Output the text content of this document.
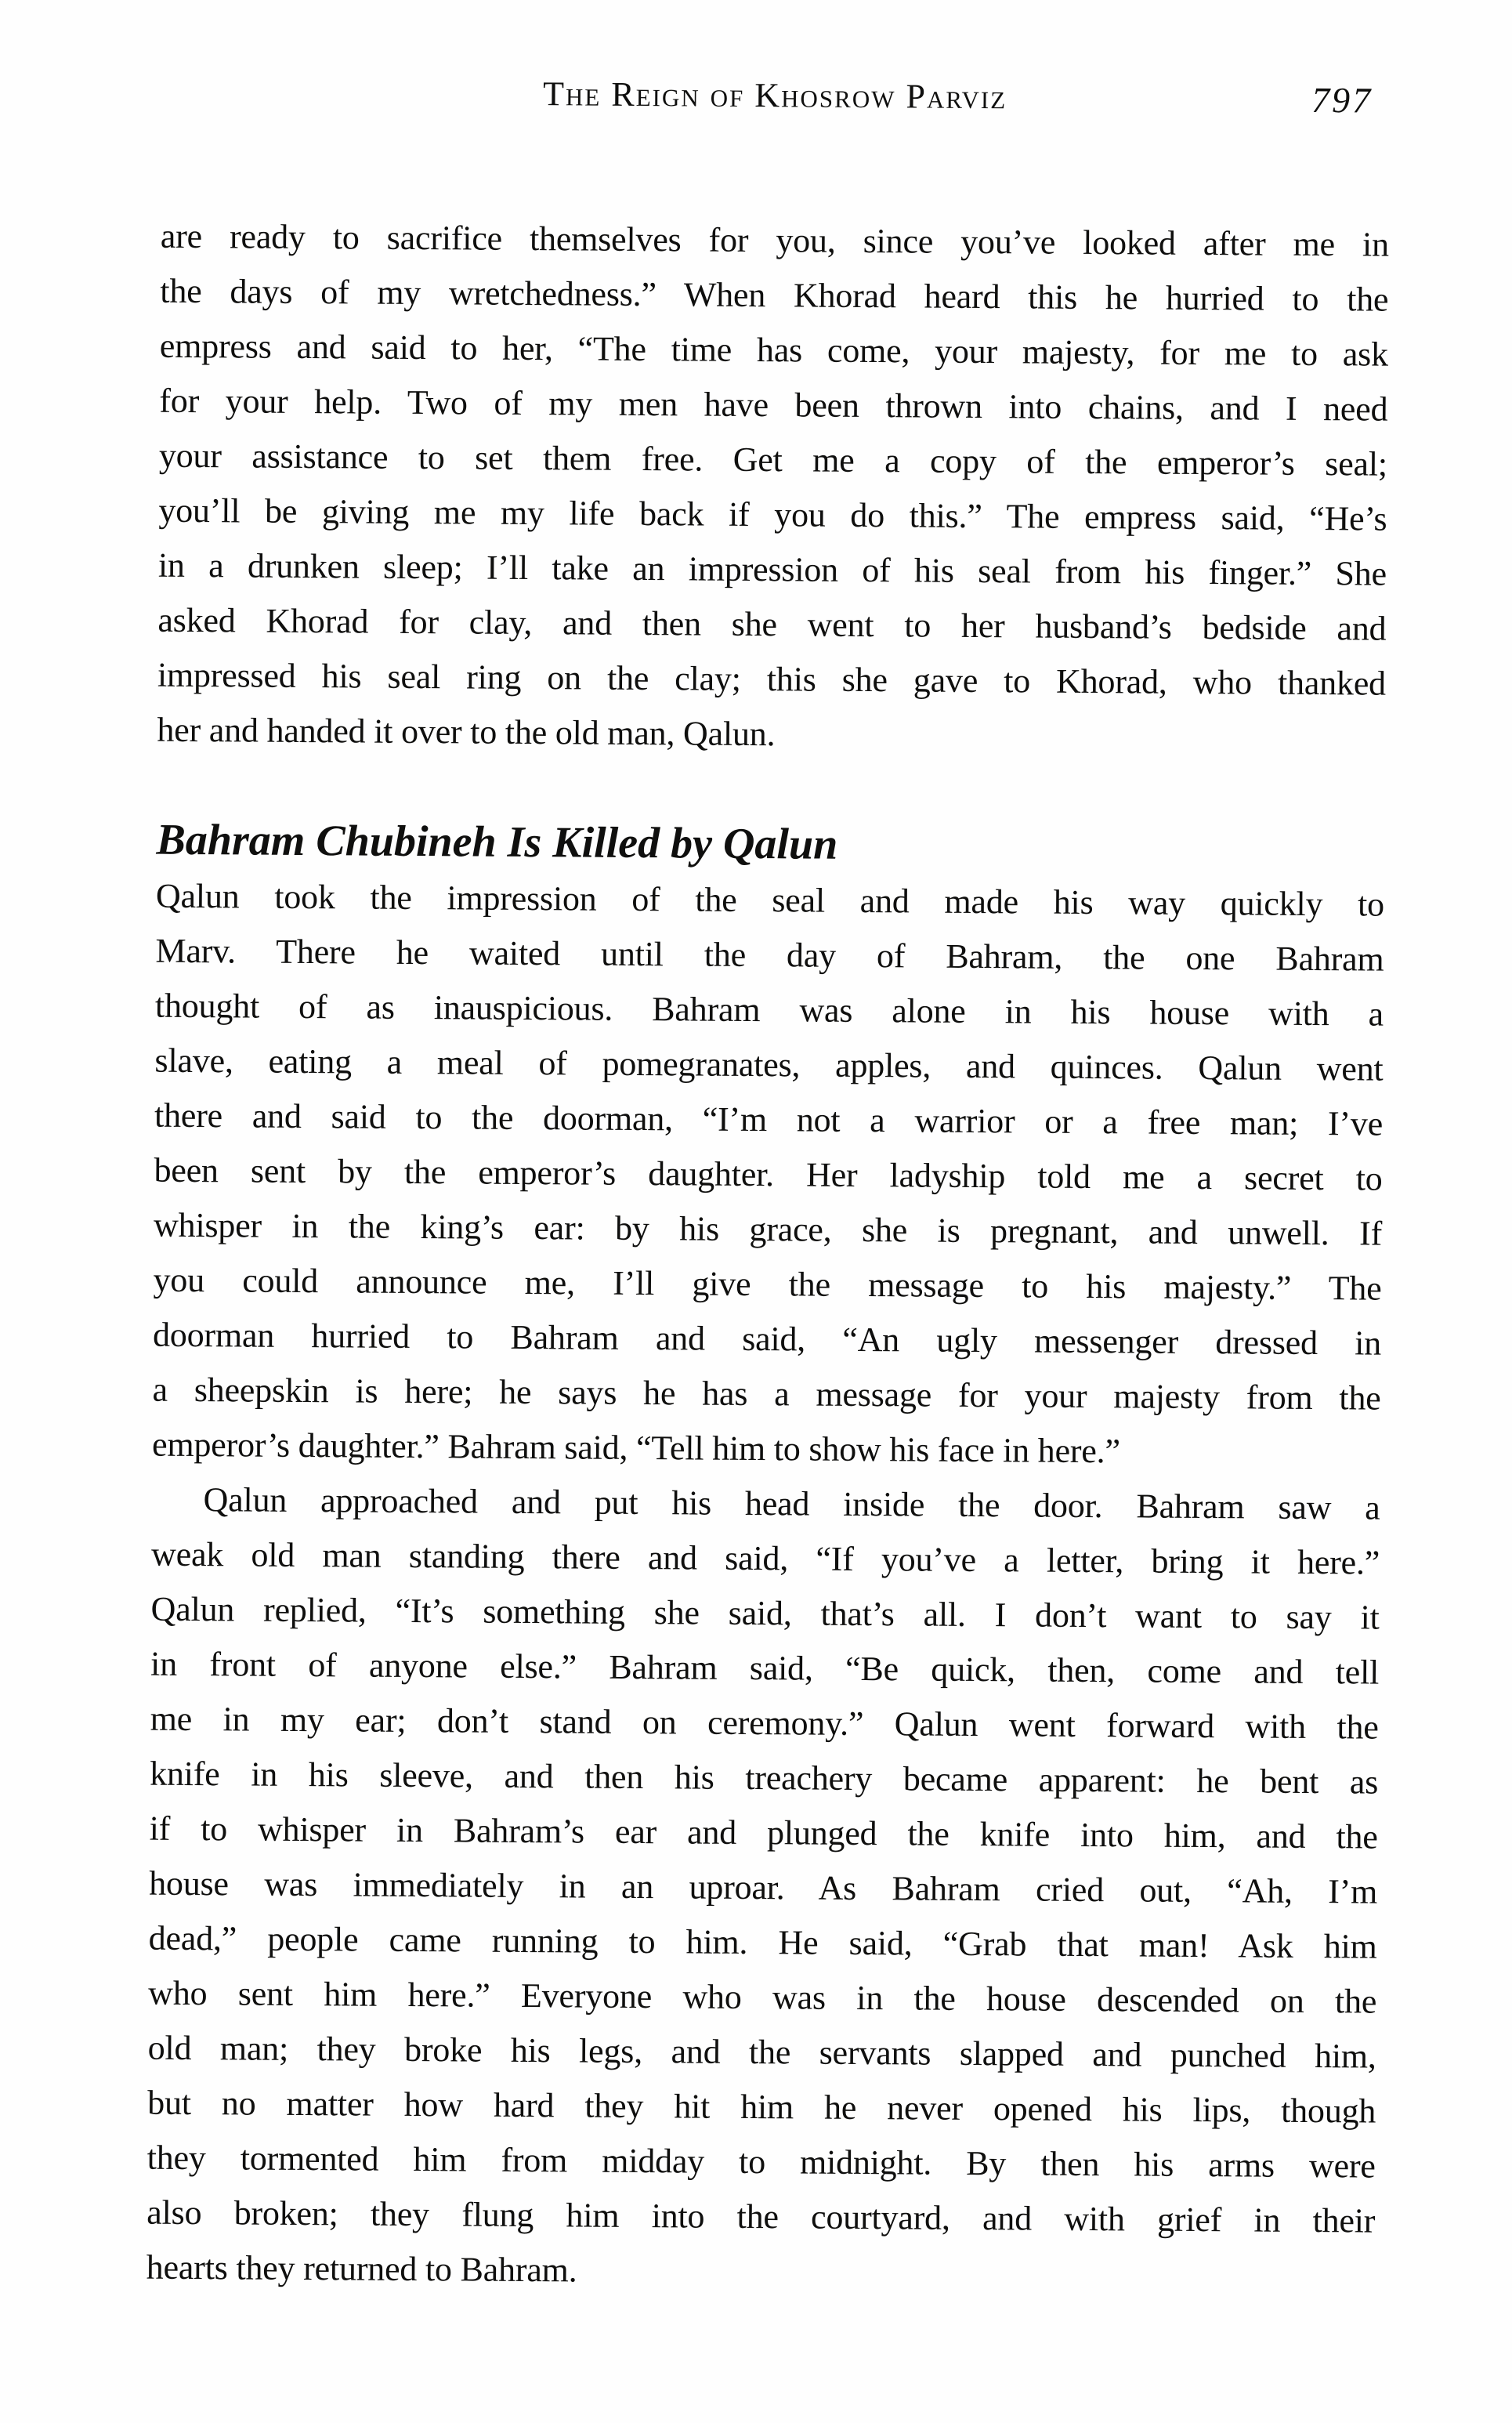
The Reign of Khosrow Parviz	797
are ready to sacrifice themselves for you, since you’ve looked after me in
the days of my wretchedness.” When Khorad heard this he hurried to the
empress and said to her, “The time has come, your majesty, for me to ask
for your help. Two of my men have been thrown into chains, and I need
your assistance to set them free. Get me a copy of the emperor’s seal;
you’ll be giving me my life back if you do this.” The empress said, “He’s
in a drunken sleep; I’ll take an impression of his seal from his finger.” She
asked Khorad for clay, and then she went to her husband’s bedside and
impressed his seal ring on the clay; this she gave to Khorad, who thanked
her and handed it over to the old man, Qalun.
Bahram Chubineh Is Killed by Qalun
Qalun took the impression of the seal and made his way quickly to
Marv. There he waited until the day of Bahram, the one Bahram
thought of as inauspicious. Bahram was alone in his house with a
slave, eating a meal of pomegranates, apples, and quinces. Qalun went
there and said to the doorman, “I’m not a warrior or a free man; I’ve
been sent by the emperor’s daughter. Her ladyship told me a secret to
whisper in the king’s ear: by his grace, she is pregnant, and unwell. If
you could announce me, I’ll give the message to his majesty.” The
doorman hurried to Bahram and said, “An ugly messenger dressed in
a sheepskin is here; he says he has a message for your majesty from the
emperor’s daughter.” Bahram said, “Tell him to show his face in here.”
Qalun approached and put his head inside the door. Bahram saw a
weak old man standing there and said, “If you’ve a letter, bring it here.”
Qalun replied, “It’s something she said, that’s all. I don’t want to say it
in front of anyone else.” Bahram said, “Be quick, then, come and tell
me in my ear; don’t stand on ceremony.” Qalun went forward with the
knife in his sleeve, and then his treachery became apparent: he bent as
if to whisper in Bahram’s ear and plunged the knife into him, and the
house was immediately in an uproar. As Bahram cried out, “Ah, I’m
dead,” people came running to him. He said, “Grab that man! Ask him
who sent him here.” Everyone who was in the house descended on the
old man; they broke his legs, and the servants slapped and punched him,
but no matter how hard they hit him he never opened his lips, though
they tormented him from midday to midnight. By then his arms were
also broken; they flung him into the courtyard, and with grief in their
hearts they returned to Bahram.
